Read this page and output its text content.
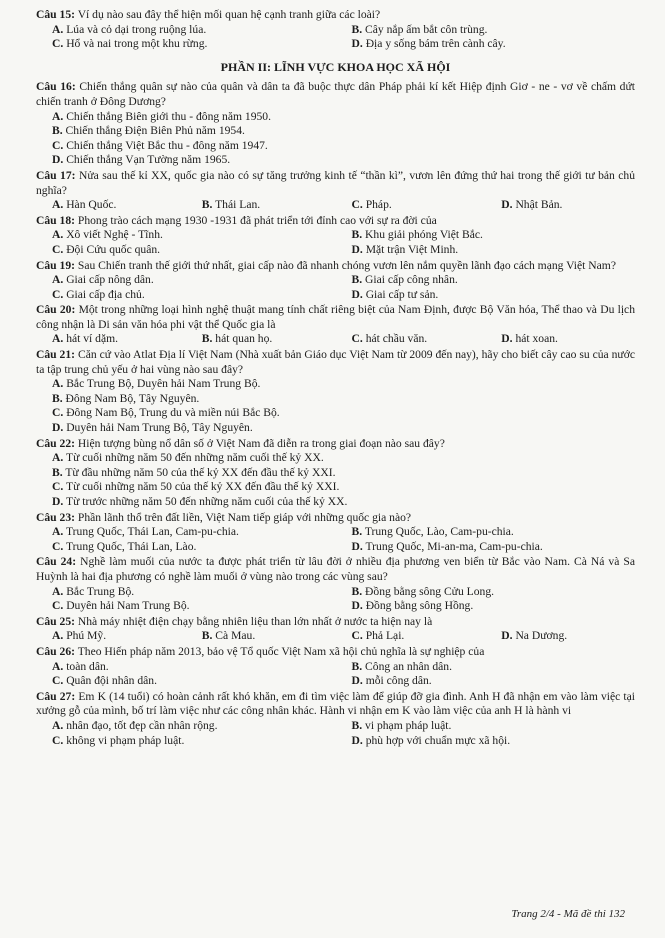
Câu 15: Ví dụ nào sau đây thể hiện mối quan hệ cạnh tranh giữa các loài?
A. Lúa và cỏ dại trong ruộng lúa.	B. Cây nắp ấm bắt côn trùng.
C. Hổ và nai trong một khu rừng.	D. Địa y sống bám trên cành cây.
PHẦN II: LĨNH VỰC KHOA HỌC XÃ HỘI
Câu 16: Chiến thắng quân sự nào của quân và dân ta đã buộc thực dân Pháp phải kí kết Hiệp định Giơ - ne - vơ về chấm dứt chiến tranh ở Đông Dương?
A. Chiến thắng Biên giới thu - đông năm 1950.
B. Chiến thắng Điện Biên Phủ năm 1954.
C. Chiến thắng Việt Bắc thu - đông năm 1947.
D. Chiến thắng Vạn Tường năm 1965.
Câu 17: Nửa sau thế kỉ XX, quốc gia nào có sự tăng trưởng kinh tế “thần kì”, vươn lên đứng thứ hai trong thế giới tư bản chủ nghĩa?
A. Hàn Quốc.	B. Thái Lan.	C. Pháp.	D. Nhật Bản.
Câu 18: Phong trào cách mạng 1930 -1931 đã phát triển tới đỉnh cao với sự ra đời của
A. Xô viết Nghệ - Tĩnh.	B. Khu giải phóng Việt Bắc.
C. Đội Cứu quốc quân.	D. Mặt trận Việt Minh.
Câu 19: Sau Chiến tranh thế giới thứ nhất, giai cấp nào đã nhanh chóng vươn lên nắm quyền lãnh đạo cách mạng Việt Nam?
A. Giai cấp nông dân.	B. Giai cấp công nhân.
C. Giai cấp địa chủ.	D. Giai cấp tư sản.
Câu 20: Một trong những loại hình nghệ thuật mang tính chất riêng biệt của Nam Định, được Bộ Văn hóa, Thể thao và Du lịch công nhận là Di sản văn hóa phi vật thể Quốc gia là
A. hát ví dặm.	B. hát quan họ.	C. hát chầu văn.	D. hát xoan.
Câu 21: Căn cứ vào Atlat Địa lí Việt Nam (Nhà xuất bản Giáo dục Việt Nam từ 2009 đến nay), hãy cho biết cây cao su của nước ta tập trung chủ yếu ở hai vùng nào sau đây?
A. Bắc Trung Bộ, Duyên hải Nam Trung Bộ.
B. Đông Nam Bộ, Tây Nguyên.
C. Đông Nam Bộ, Trung du và miền núi Bắc Bộ.
D. Duyên hải Nam Trung Bộ, Tây Nguyên.
Câu 22: Hiện tượng bùng nổ dân số ở Việt Nam đã diễn ra trong giai đoạn nào sau đây?
A. Từ cuối những năm 50 đến những năm cuối thế kỷ XX.
B. Từ đầu những năm 50 của thế kỷ XX đến đầu thế kỷ XXI.
C. Từ cuối những năm 50 của thế kỷ XX đến đầu thế kỷ XXI.
D. Từ trước những năm 50 đến những năm cuối của thế kỷ XX.
Câu 23: Phần lãnh thổ trên đất liền, Việt Nam tiếp giáp với những quốc gia nào?
A. Trung Quốc, Thái Lan, Cam-pu-chia.	B. Trung Quốc, Lào, Cam-pu-chia.
C. Trung Quốc, Thái Lan, Lào.	D. Trung Quốc, Mi-an-ma, Cam-pu-chia.
Câu 24: Nghề làm muối của nước ta được phát triển từ lâu đời ở nhiều địa phương ven biển từ Bắc vào Nam. Cà Ná và Sa Huỳnh là hai địa phương có nghề làm muối ở vùng nào trong các vùng sau?
A. Bắc Trung Bộ.	B. Đồng bằng sông Cửu Long.
C. Duyên hải Nam Trung Bộ.	D. Đồng bằng sông Hồng.
Câu 25: Nhà máy nhiệt điện chạy bằng nhiên liệu than lớn nhất ở nước ta hiện nay là
A. Phú Mỹ.	B. Cà Mau.	C. Phả Lại.	D. Na Dương.
Câu 26: Theo Hiến pháp năm 2013, bảo vệ Tổ quốc Việt Nam xã hội chủ nghĩa là sự nghiệp của
A. toàn dân.	B. Công an nhân dân.
C. Quân đội nhân dân.	D. mỗi công dân.
Câu 27: Em K (14 tuổi) có hoàn cảnh rất khó khăn, em đi tìm việc làm để giúp đỡ gia đình. Anh H đã nhận em vào làm việc tại xưởng gỗ của mình, bố trí làm việc như các công nhân khác. Hành vi nhận em K vào làm việc của anh H là hành vi
A. nhân đạo, tốt đẹp cần nhân rộng.	B. vi phạm pháp luật.
C. không vi phạm pháp luật.	D. phù hợp với chuẩn mực xã hội.
Trang 2/4 - Mã đề thi 132
